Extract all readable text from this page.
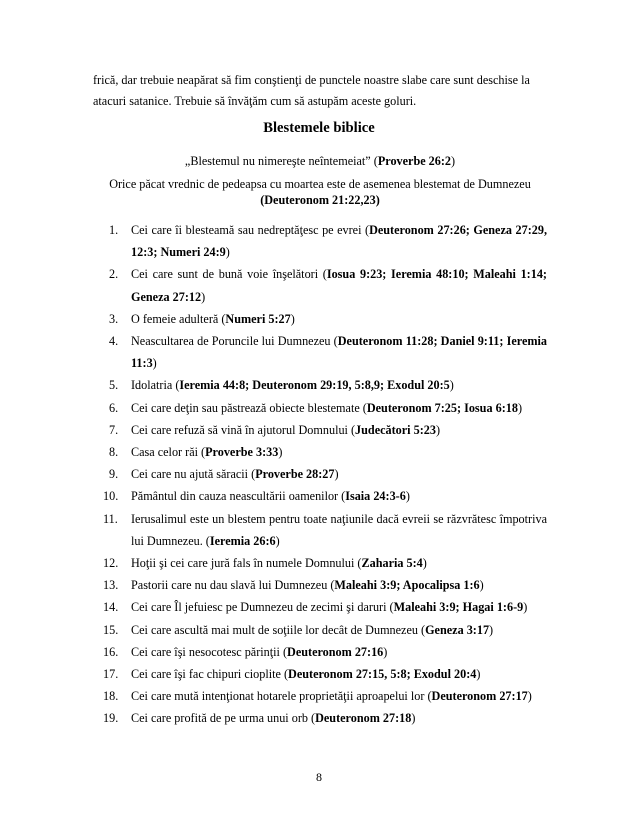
frică, dar trebuie neapărat să fim conştienţi de punctele noastre slabe care sunt deschise la
atacuri satanice. Trebuie să învăţăm cum să astupăm aceste goluri.
Blestemele biblice
„Blestemul nu nimereşte neîntemeiat” (Proverbe 26:2)
Orice păcat vrednic de pedeapsa cu moartea este de asemenea blestemat de Dumnezeu
(Deuteronom 21:22,23)
1. Cei care îi blesteamă sau nedreptăţesc pe evrei (Deuteronom 27:26; Geneza 27:29, 12:3; Numeri 24:9)
2. Cei care sunt de bună voie înşelători (Iosua 9:23; Ieremia 48:10; Maleahi 1:14; Geneza 27:12)
3. O femeie adulteră (Numeri 5:27)
4. Neascultarea de Poruncile lui Dumnezeu (Deuteronom 11:28; Daniel 9:11; Ieremia 11:3)
5. Idolatria (Ieremia 44:8; Deuteronom 29:19, 5:8,9; Exodul 20:5)
6. Cei care deţin sau păstrează obiecte blestemate (Deuteronom 7:25; Iosua 6:18)
7. Cei care refuză să vină în ajutorul Domnului (Judecători 5:23)
8. Casa celor răi (Proverbe 3:33)
9. Cei care nu ajută săracii (Proverbe 28:27)
10. Pământul din cauza neascultării oamenilor (Isaia 24:3-6)
11. Ierusalimul este un blestem pentru toate naţiunile dacă evreii se răzvrătesc împotriva lui Dumnezeu. (Ieremia 26:6)
12. Hoţii şi cei care jură fals în numele Domnului (Zaharia 5:4)
13. Pastorii care nu dau slavă lui Dumnezeu (Maleahi 3:9; Apocalipsa 1:6)
14. Cei care Îl jefuiesc pe Dumnezeu de zecimi şi daruri (Maleahi 3:9; Hagai 1:6-9)
15. Cei care ascultă mai mult de soţiile lor decât de Dumnezeu (Geneza 3:17)
16. Cei care îşi nesocotesc părinţii (Deuteronom 27:16)
17. Cei care îşi fac chipuri cioplite (Deuteronom 27:15, 5:8; Exodul 20:4)
18. Cei care mută intenţionat hotarele proprietăţii aproapelui lor (Deuteronom 27:17)
19. Cei care profită de pe urma unui orb (Deuteronom 27:18)
8
